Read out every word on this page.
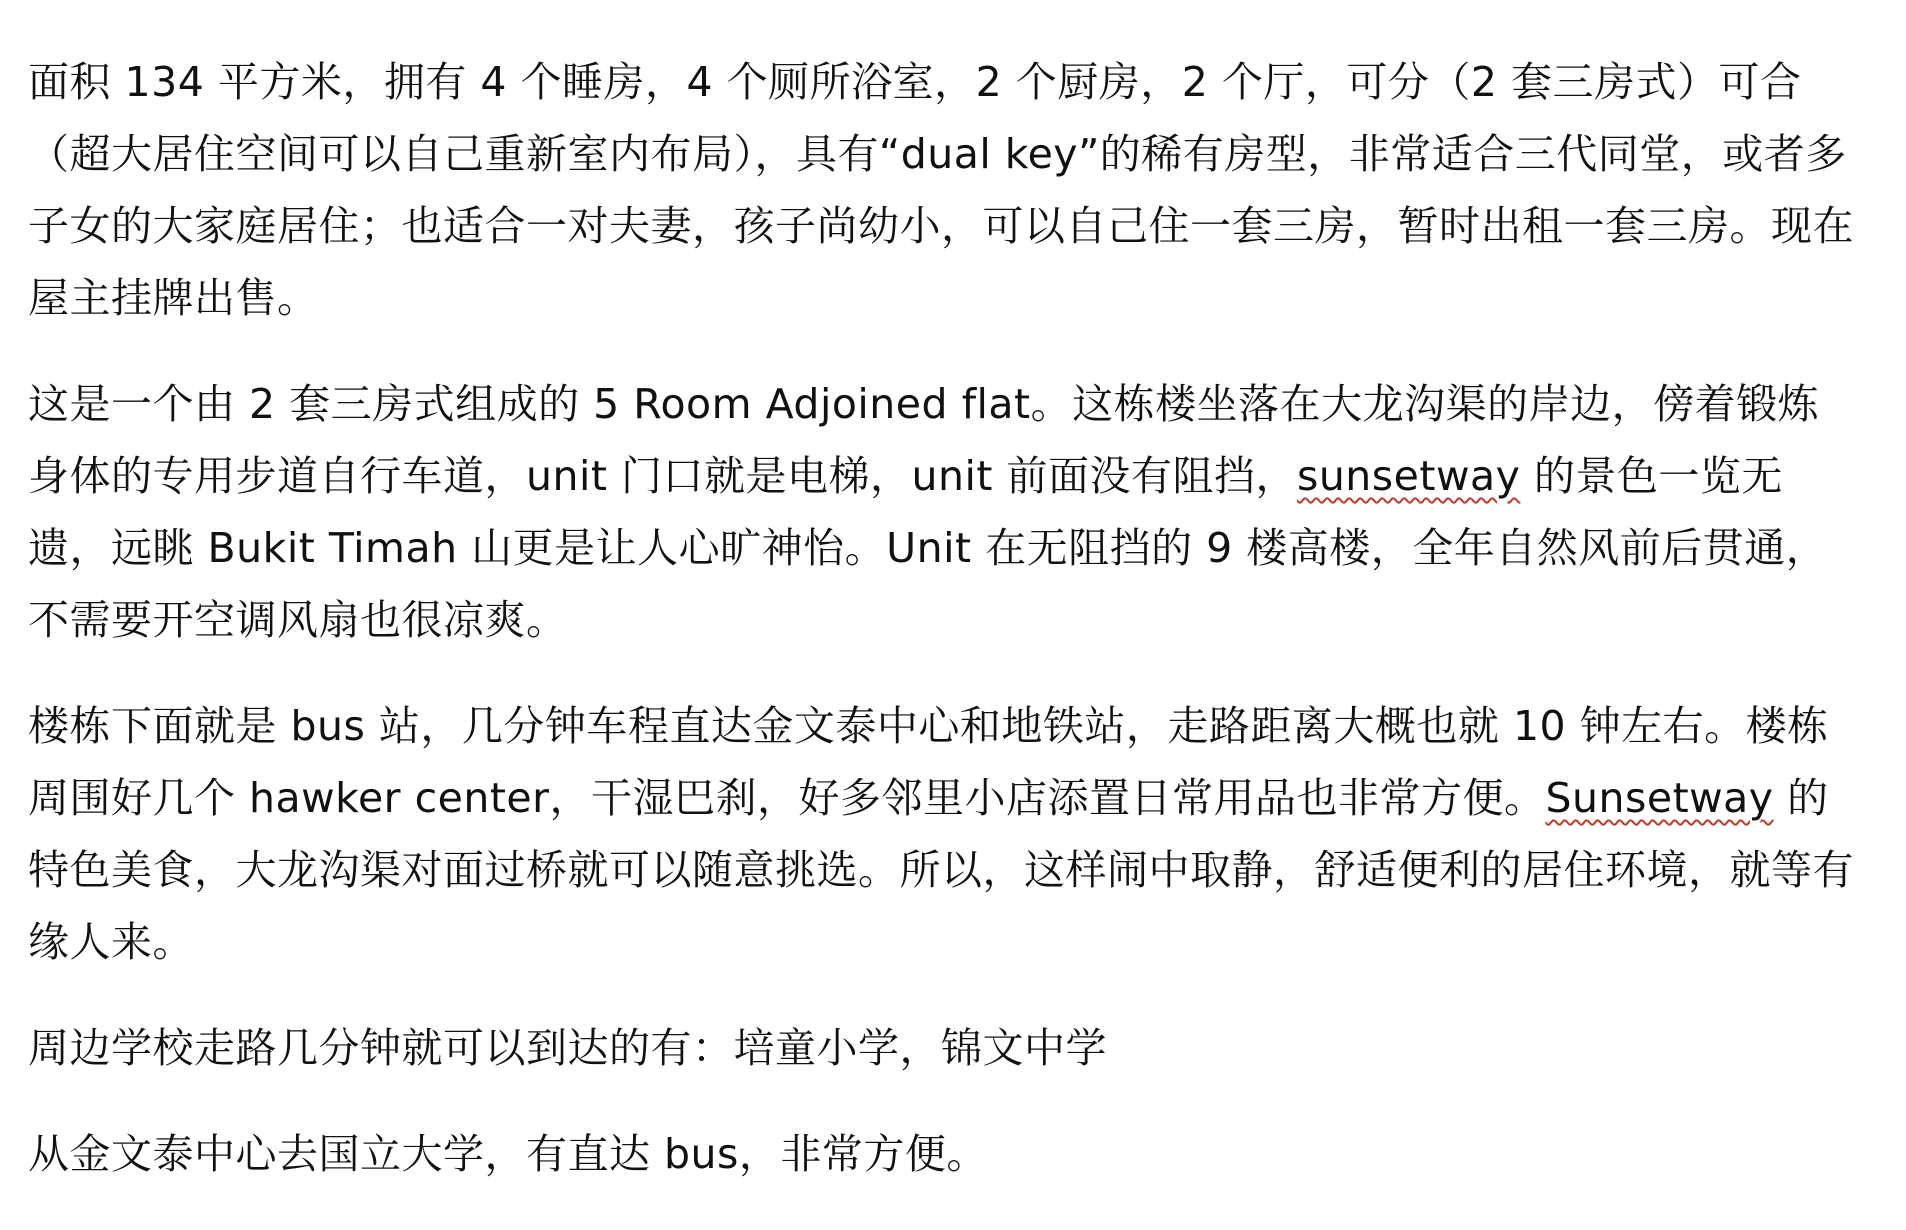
面积 134 平方米，拥有 4 个睡房，4 个厕所浴室，2 个厨房，2 个厅，可分（2 套三房式）可合（超大居住空间可以自己重新室内布局），具有“dual key”的稀有房型，非常适合三代同堂，或者多子女的大家庭居住；也适合一对夫妻，孩子尚幼小，可以自己住一套三房，暂时出租一套三房。现在屋主挂牌出售。

这是一个由 2 套三房式组成的 5 Room Adjoined flat。这栋楼坐落在大龙沟渠的岸边，傍着锻炼身体的专用步道自行车道，unit 门口就是电梯，unit 前面没有阻挡，sunsetway 的景色一览无遗，远眺 Bukit Timah 山更是让人心旷神怡。Unit 在无阻挡的 9 楼高楼，全年自然风前后贯通，不需要开空调风扇也很凉爽。

楼栋下面就是 bus 站，几分钟车程直达金文泰中心和地铁站，走路距离大概也就 10 钟左右。楼栋周围好几个 hawker center，干湿巴刹，好多邻里小店添置日常用品也非常方便。Sunsetway 的特色美食，大龙沟渠对面过桥就可以随意挑选。所以，这样闹中取静，舒适便利的居住环境，就等有缘人来。

周边学校走路几分钟就可以到达的有：培童小学，锦文中学

从金文泰中心去国立大学，有直达 bus，非常方便。
